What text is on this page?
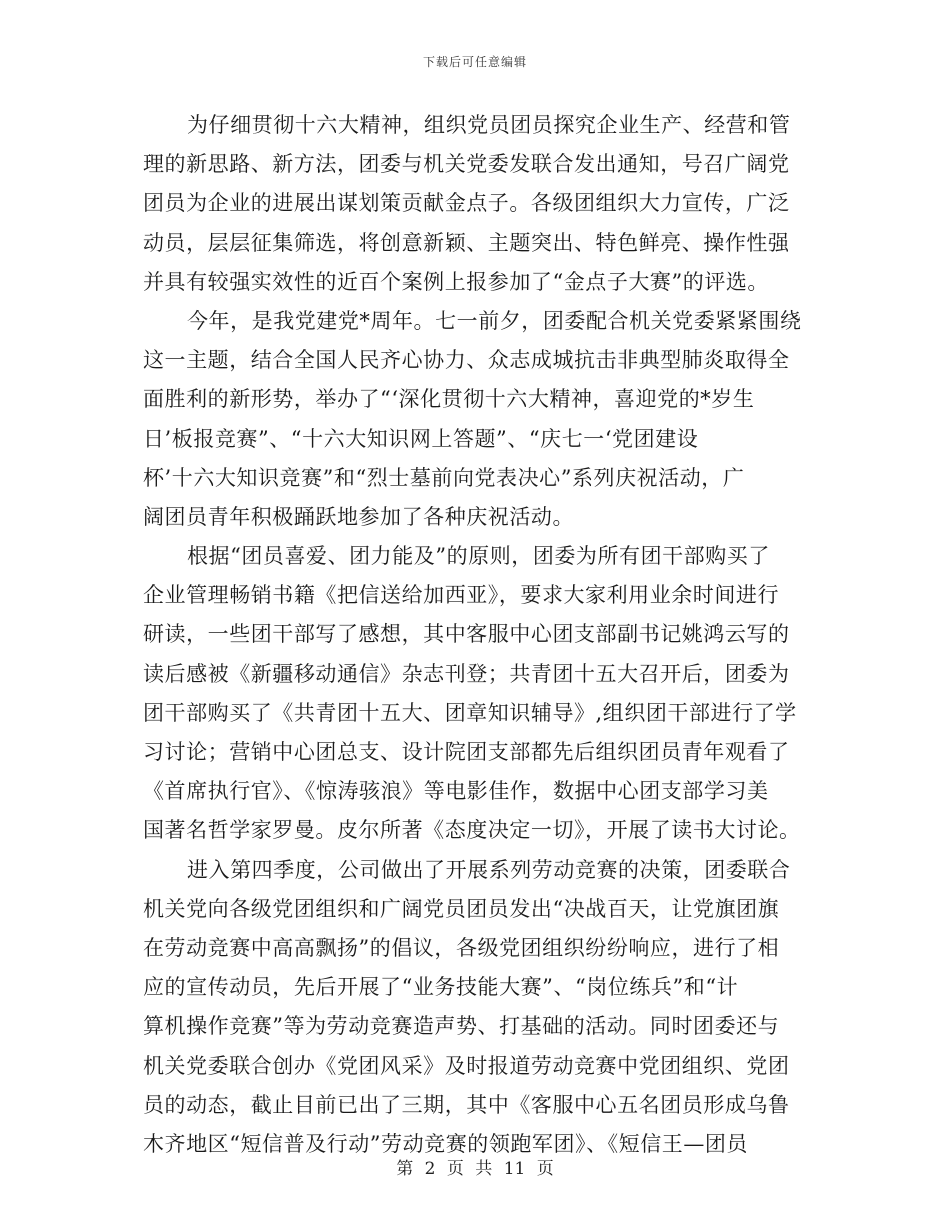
下载后可任意编辑
为仔细贯彻十六大精神，组织党员团员探究企业生产、经营和管
理的新思路、新方法，团委与机关党委发联合发出通知，号召广阔党
团员为企业的进展出谋划策贡献金点子。各级团组织大力宣传，广泛
动员，层层征集筛选，将创意新颖、主题突出、特色鲜亮、操作性强
并具有较强实效性的近百个案例上报参加了“金点子大赛”的评选。
今年，是我党建党*周年。七一前夕，团委配合机关党委紧紧围绕
这一主题，结合全国人民齐心协力、众志成城抗击非典型肺炎取得全
面胜利的新形势，举办了“‘深化贯彻十六大精神，喜迎党的*岁生
日’板报竞赛”、“十六大知识网上答题”、“庆七一‘党团建设
杯’十六大知识竞赛”和“烈士墓前向党表决心”系列庆祝活动，广
阔团员青年积极踊跃地参加了各种庆祝活动。
根据“团员喜爱、团力能及”的原则，团委为所有团干部购买了
企业管理畅销书籍《把信送给加西亚》，要求大家利用业余时间进行
研读，一些团干部写了感想，其中客服中心团支部副书记姚鸿云写的
读后感被《新疆移动通信》杂志刊登；共青团十五大召开后，团委为
团干部购买了《共青团十五大、团章知识辅导》,组织团干部进行了学
习讨论；营销中心团总支、设计院团支部都先后组织团员青年观看了
《首席执行官》、《惊涛骇浪》等电影佳作，数据中心团支部学习美
国著名哲学家罗曼。皮尔所著《态度决定一切》，开展了读书大讨论。
进入第四季度，公司做出了开展系列劳动竞赛的决策，团委联合
机关党向各级党团组织和广阔党员团员发出“决战百天，让党旗团旗
在劳动竞赛中高高飘扬”的倡议，各级党团组织纷纷响应，进行了相
应的宣传动员，先后开展了“业务技能大赛”、“岗位练兵”和“计
算机操作竞赛”等为劳动竞赛造声势、打基础的活动。同时团委还与
机关党委联合创办《党团风采》及时报道劳动竞赛中党团组织、党团
员的动态，截止目前已出了三期，其中《客服中心五名团员形成乌鲁
木齐地区“短信普及行动”劳动竞赛的领跑军团》、《短信王—团员
第 2 页 共 11 页
